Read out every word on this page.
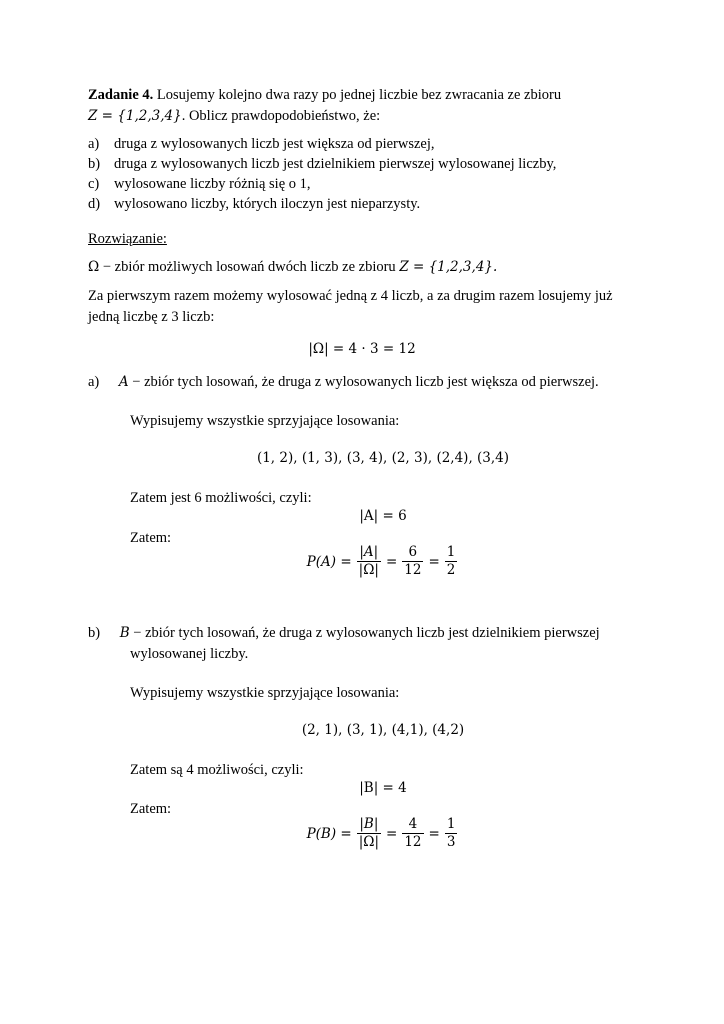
Zadanie 4. Losujemy kolejno dwa razy po jednej liczbie bez zwracania ze zbioru
Z = {1,2,3,4}. Oblicz prawdopodobieństwo, że:
a) druga z wylosowanych liczb jest większa od pierwszej,
b) druga z wylosowanych liczb jest dzielnikiem pierwszej wylosowanej liczby,
c) wylosowane liczby różnią się o 1,
d) wylosowano liczby, których iloczyn jest nieparzysty.
Rozwiązanie:
Ω − zbiór możliwych losowań dwóch liczb ze zbioru Z = {1,2,3,4}.
Za pierwszym razem możemy wylosować jedną z 4 liczb, a za drugim razem losujemy już
jedną liczbę z 3 liczb:
|Ω| = 4 · 3 = 12
a) A − zbiór tych losowań, że druga z wylosowanych liczb jest większa od pierwszej.
Wypisujemy wszystkie sprzyjające losowania:
(1, 2), (1, 3), (3, 4), (2, 3), (2,4), (3,4)
Zatem jest 6 możliwości, czyli:
|A| = 6
Zatem:
$P(A) = \frac{|A|}{|\Omega|} = \frac{6}{12} = \frac{1}{2}$
b) B − zbiór tych losowań, że druga z wylosowanych liczb jest dzielnikiem pierwszej
wylosowanej liczby.
Wypisujemy wszystkie sprzyjające losowania:
(2, 1), (3, 1), (4,1), (4,2)
Zatem są 4 możliwości, czyli:
|B| = 4
Zatem:
$P(B) = \frac{|B|}{|\Omega|} = \frac{4}{12} = \frac{1}{3}$
